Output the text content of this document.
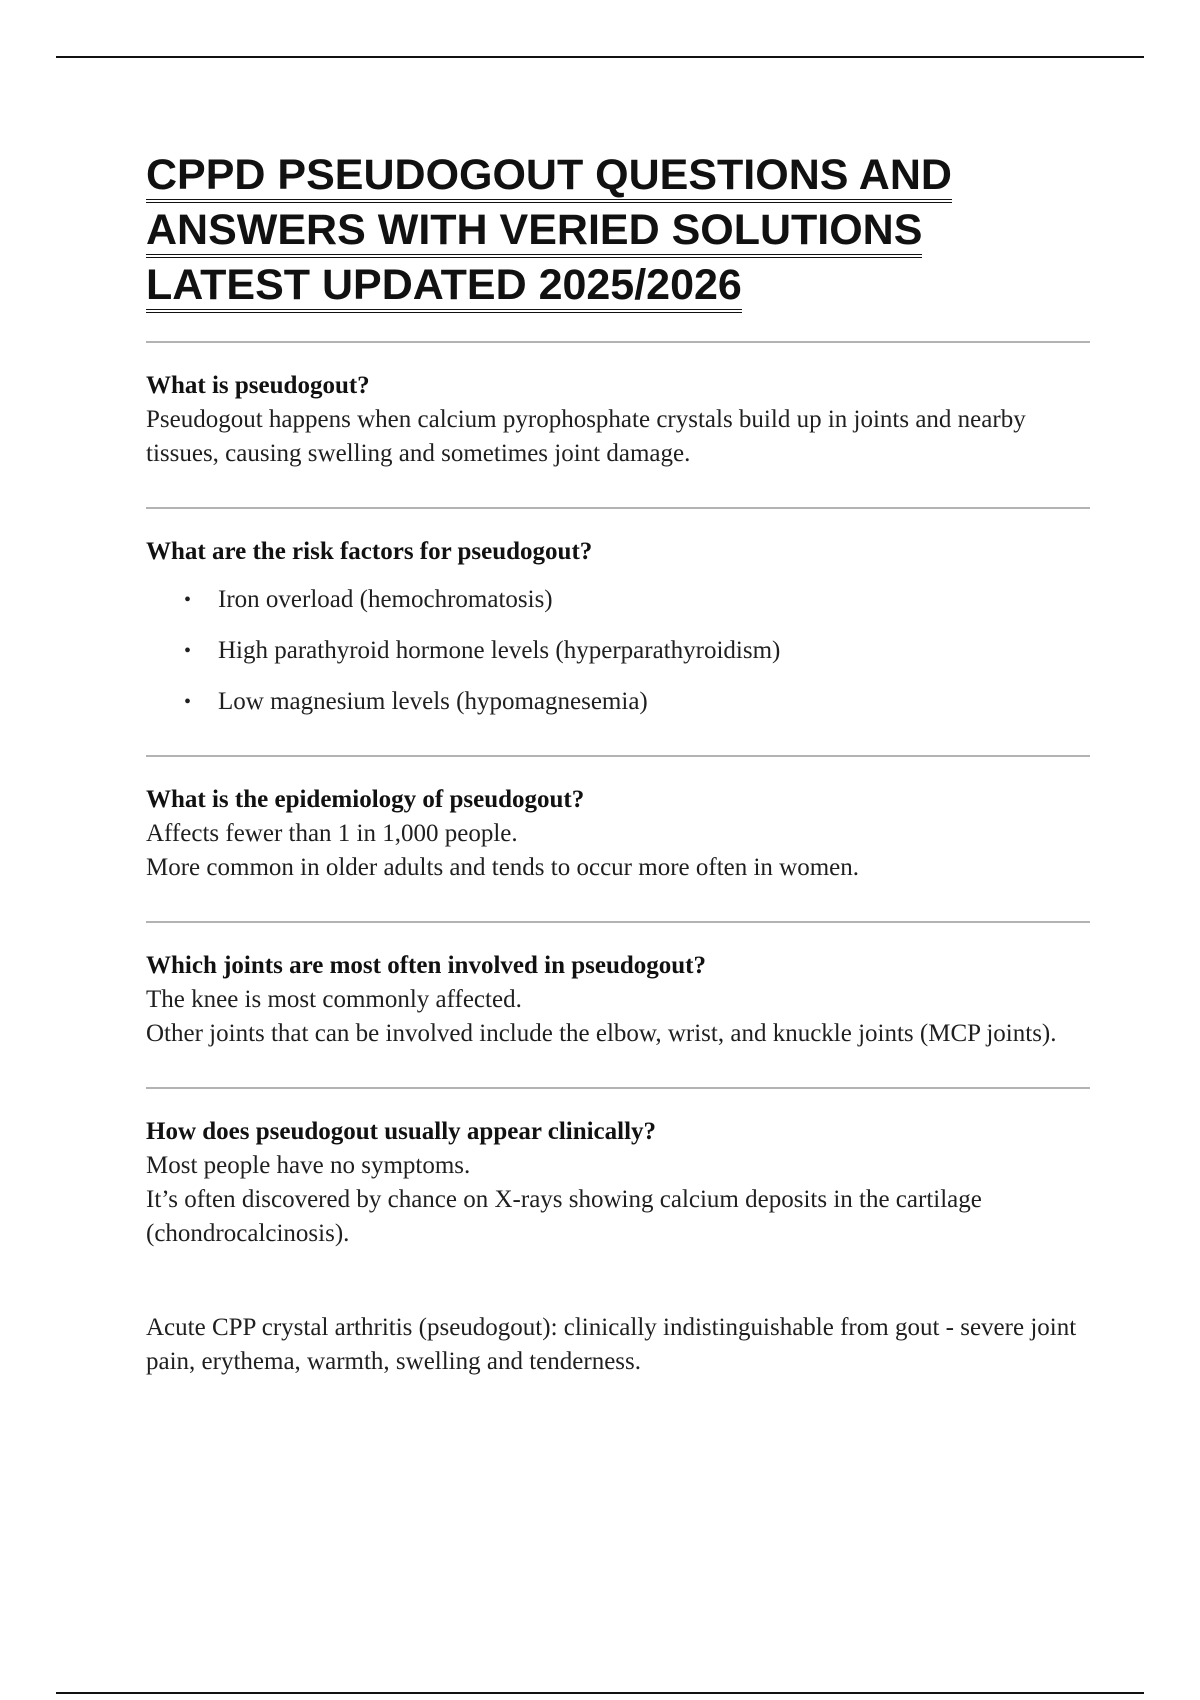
CPPD PSEUDOGOUT QUESTIONS AND ANSWERS WITH VERIED SOLUTIONS LATEST UPDATED 2025/2026

What is pseudogout?

Pseudogout happens when calcium pyrophosphate crystals build up in joints and nearby tissues, causing swelling and sometimes joint damage.

What are the risk factors for pseudogout?

• Iron overload (hemochromatosis)
• High parathyroid hormone levels (hyperparathyroidism)
• Low magnesium levels (hypomagnesemia)

What is the epidemiology of pseudogout?

Affects fewer than 1 in 1,000 people.

More common in older adults and tends to occur more often in women.

Which joints are most often involved in pseudogout?

The knee is most commonly affected.

Other joints that can be involved include the elbow, wrist, and knuckle joints (MCP joints).

How does pseudogout usually appear clinically?

Most people have no symptoms.

It’s often discovered by chance on X-rays showing calcium deposits in the cartilage (chondrocalcinosis).

Acute CPP crystal arthritis (pseudogout): clinically indistinguishable from gout - severe joint pain, erythema, warmth, swelling and tenderness.
